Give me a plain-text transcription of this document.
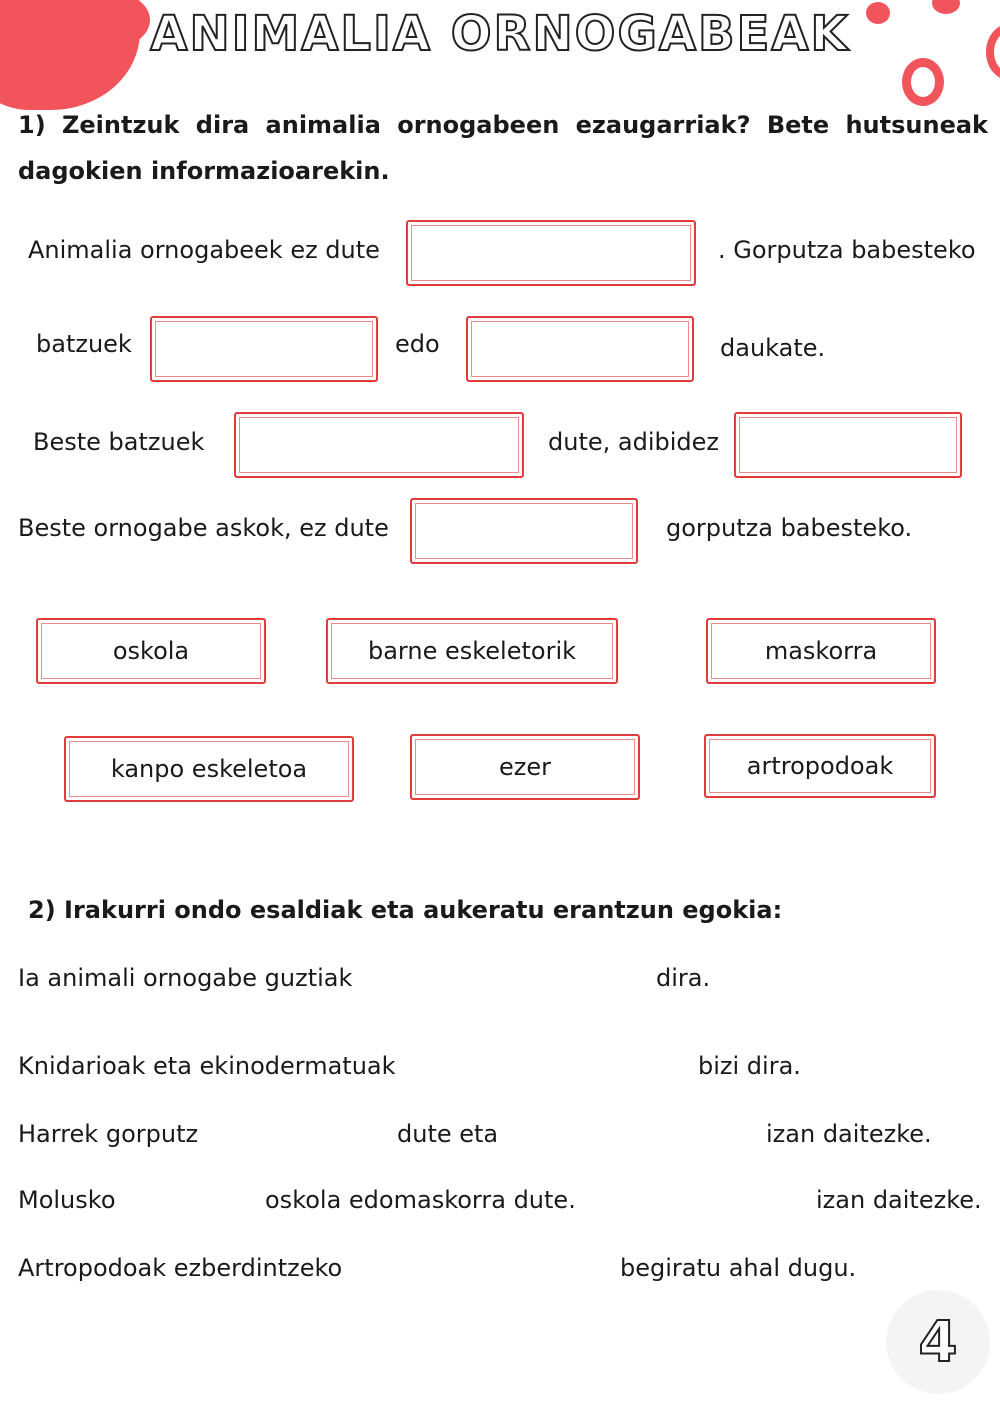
ANIMALIA ORNOGABEAK
1) Zeintzuk dira animalia ornogabeen ezaugarriak? Bete hutsuneak dagokien informazioarekin.
Animalia ornogabeek ez dute	. Gorputza babesteko
batzuek	edo	daukate.
Beste batzuek	dute, adibidez
Beste ornogabe askok, ez dute	gorputza babesteko.
oskola	barne eskeletorik	maskorra
kanpo eskeletoa	ezer	artropodoak
2) Irakurri ondo esaldiak eta aukeratu erantzun egokia:
Ia animali ornogabe guztiak	dira.
Knidarioak eta ekinodermatuak	bizi dira.
Harrek gorputz	dute eta	izan daitezke.
Molusko	oskola edomaskorra dute.	izan daitezke.
Artropodoak ezberdintzeko	begiratu ahal dugu.
4
